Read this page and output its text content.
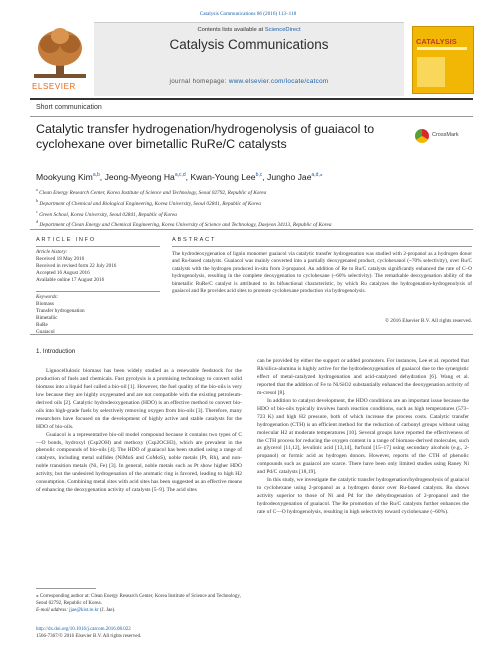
Catalysis Communications 86 (2016) 113–118
ELSEVIER
Contents lists available at ScienceDirect
Catalysis Communications
journal homepage: www.elsevier.com/locate/catcom
CATALYSIS
Short communication
Catalytic transfer hydrogenation/hydrogenolysis of guaiacol to cyclohexane over bimetallic RuRe/C catalysts
CrossMark
Mookyung Kim$^{a,b}$, Jeong-Myeong Ha$^{a,c,d}$, Kwan-Young Lee$^{b,c}$, Jungho Jae$^{a,d,⁎}$
$^a$ Clean Energy Research Center, Korea Institute of Science and Technology, Seoul 02792, Republic of Korea
$^b$ Department of Chemical and Biological Engineering, Korea University, Seoul 02841, Republic of Korea
$^c$ Green School, Korea University, Seoul 02841, Republic of Korea
$^d$ Department of Clean Energy and Chemical Engineering, Korea University of Science and Technology, Daejeon 34113, Republic of Korea
ARTICLE INFO	ABSTRACT
Article history:
Received 18 May 2016
Received in revised form 22 July 2016
Accepted 16 August 2016
Available online 17 August 2016
Keywords:
Biomass
Transfer hydrogenation
Bimetallic
RuRe
Guaiacol
The hydrodeoxygenation of lignin monomer guaiacol via catalytic transfer hydrogenation was studied with 2-propanol as a hydrogen donor and Ru-based catalysts. Guaiacol was mainly converted into a partially deoxygenated product, cyclohexanol (~70% selectivity), over Ru/C catalysts with the hydrogen produced in-situ from 2-propanol. An addition of Re to Ru/C catalysts significantly enhanced the rate of C–O hydrogenolysis, resulting in the complete deoxygenation to cyclohexane (~60% selectivity). The remarkable deoxygenation ability of the bimetallic RuRe/C catalyst is attributed to its bifunctional characteristic, by which Ru catalyzes the hydrogenation-hydrogenolysis of guaiacol and Re provides acid sites to promote cyclohexane production via hydrogenolysis.
© 2016 Elsevier B.V. All rights reserved.
1. Introduction

Lignocellulosic biomass has been widely studied as a renewable feedstock for the production of fuels and chemicals. Fast pyrolysis is a promising technology to convert solid biomass into a liquid fuel called a bio-oil [1]. However, the fuel quality of the bio-oils is very low because they are highly oxygenated and are not compatible with the existing petroleum-derived oils [2]. Catalytic hydrodeoxygenation (HDO) is an effective method to convert bio-oils into high-grade fuels by selectively removing oxygen from bio-oils [3]. Therefore, many researchers have focused on the development of highly active and stable catalysts for the HDO of bio-oils.

Guaiacol is a representative bio-oil model compound because it contains two types of C—O bonds, hydroxyl (Csp2OH) and methoxy (Csp2OCH3), which are prevalent in the phenolic compounds of bio-oils [4]. The HDO of guaiacol has been studied using a range of catalysts, including metal sulfides (NiMoS and CoMoS), noble metals (Pt, Rh), and non-noble transition metals (Ni, Fe) [3]. In general, noble metals such as Pt show higher HDO activity, but the undesired hydrogenation of the aromatic ring is favored, leading to high H2 consumption. Combining metal sites with acid sites has been suggested as an effective means of enhancing the deoxygenation activity of catalysts [5–9]. The acid sites

can be provided by either the support or added promoters. For instances, Lee et al. reported that Rh/silica-alumina is highly active for the hydrodeoxygenation of guaiacol due to the synergistic effect of metal-catalyzed hydrogenation and acid-catalyzed dehydration [6]. Wang et al. reported that the addition of Fe to Ni/SiO2 substantially enhanced the deoxygenation activity of m-cresol [8].

In addition to catalyst development, the HDO conditions are an important issue because the HDO of bio-oils typically involves harsh reaction conditions, such as high temperatures (573–723 K) and high H2 pressure, both of which increase the process costs. Catalytic transfer hydrogenation (CTH) is an efficient method for the reduction of carbonyl groups without using molecular H2 at moderate temperatures [10]. Several groups have reported the effectiveness of the CTH process for reducing the oxygen content in a range of biomass-derived molecules, such as glycerol [11,12], levulinic acid [13,14], furfural [15–17] using secondary alcohols (e.g., 2-propanol) or formic acid as hydrogen donors. However, reports of the CTH of phenolic compounds such as guaiacol are scarce. There have been only limited studies using Raney Ni and Pd/C catalysts [18,19].

In this study, we investigate the catalytic transfer hydrogenation/hydrogenolysis of guaiacol to cyclohexane using 2-propanol as a hydrogen donor over Ru-based catalysts. Ru shows activity superior to those of Ni and Pd for the dehydrogenation of 2-propanol and the hydrodeoxygenation of guaiacol. The Re promotion of the Ru/C catalysts further enhances the rate of C—O hydrogenolysis, resulting in high selectivity toward cyclohexane (~60%).

⁎ Corresponding author at: Clean Energy Research Center, Korea Institute of Science and Technology, Seoul 02792, Republic of Korea.
E-mail address: jjae@kist.re.kr (J. Jae).
http://dx.doi.org/10.1016/j.catcom.2016.08.022
1566-7367/© 2016 Elsevier B.V. All rights reserved.
